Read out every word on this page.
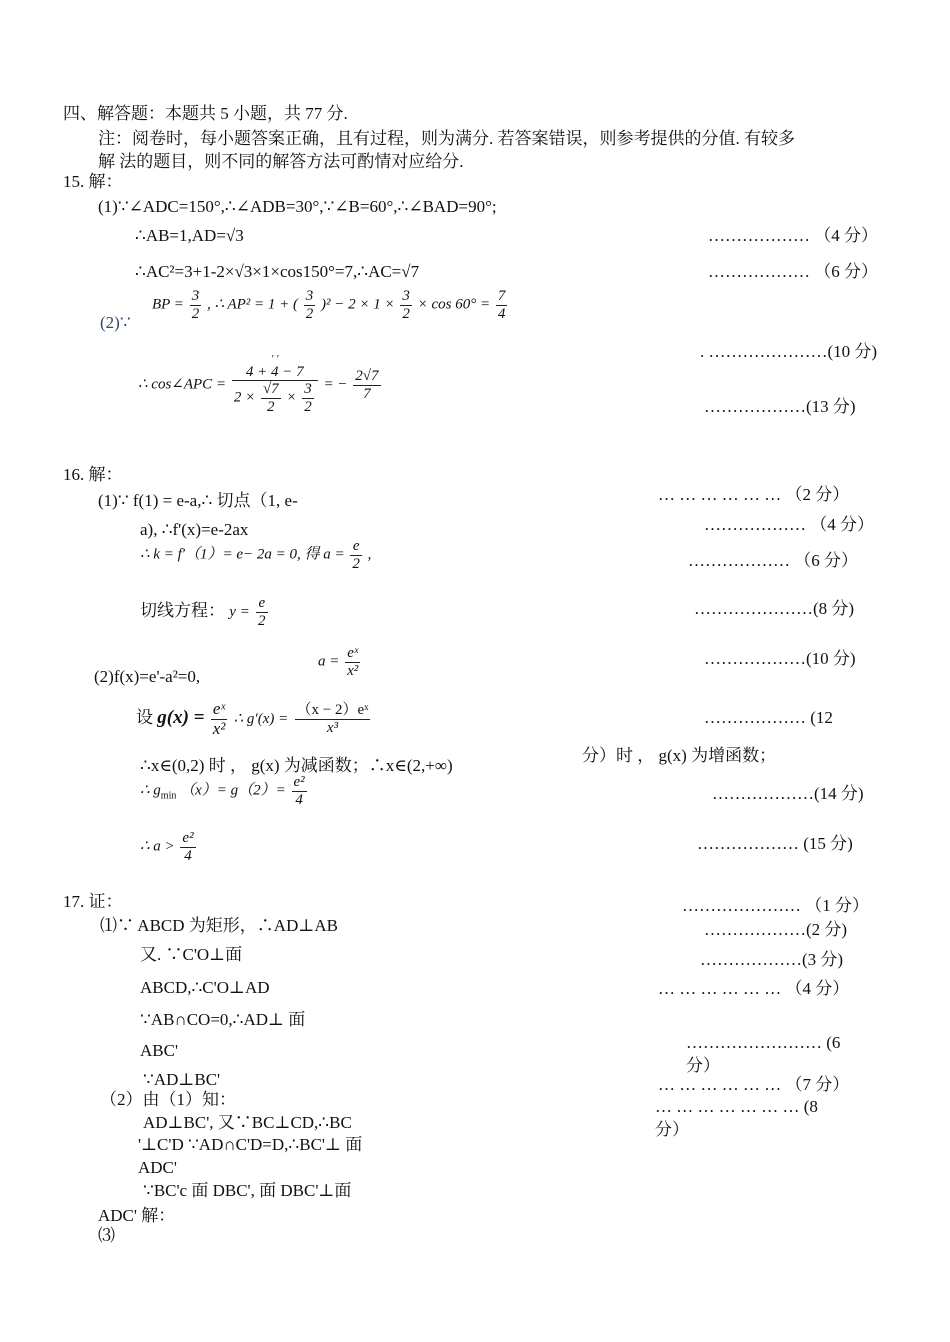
四、解答题：本题共 5 小题，共 77 分.
注：阅卷时，每小题答案正确，且有过程，则为满分. 若答案错误，则参考提供的分值. 有较多
解 法的题目，则不同的解答方法可酌情对应给分.
15. 解：
(1)∵∠ADC=150°,∴∠ADB=30°,∵∠B=60°,∴∠BAD=90°;
∴AB=1,AD=√3	……………… （4 分）
∴AC²=3+1-2×√3×1×cos150°=7,∴AC=√7	……………… （6 分）
(2)∵
BP = $\frac{3}{2}$ , ∴ AP² = 1 + ( $\frac{3}{2} )^2 - 2 \times 1 \times \frac{3}{2} \times \cos 60^\circ = \frac{7}{4}$
. …………………(10 分)
∴ cos∠APC = ′ ′
4 + 4 − 7
$2 \times \frac{√7}{2} \times \frac{3}{2}$ = − $\frac{2√7}{7}$
………………(13 分)
16. 解：
(1)∵ f(1) = e-a,∴ 切点（1, e-	… … … … … … （2 分）
a), ∴f'(x)=e-2ax	……………… （4 分）
∴ k = f′（1）= e− 2a = 0, 得 $a = \frac{e}{2}$ ,	……………… （6 分）
切线方程： $y = \frac{e}{2}$	…………………(8 分)
$a = \frac{\text{eˣ}}{\text{x²}}$
(2)f(x)=e'-a²=0,
………………(10 分)
设 $g(x) = \frac{\text{eˣ}}{\text{x²}}$ ∴ $g'(x) = \frac{\text{（x − 2）eˣ}}{\text{x³}}$	……………… (12
∴x∈(0,2) 时 ， g(x) 为减函数；∴x∈(2,+∞)
分）时 ， g(x) 为增函数；
∴ $g_{min}$ $(x)= g(2)= \frac{\text{e²}}{4}$	………………(14 分)
∴ $a > \frac{\text{e²}}{4}$	……………… (15 分)
17. 证：	………………… （1 分）
⑴∵ ABCD 为矩形，∴AD⊥AB	………………(2 分)
又. ∵C'O⊥面	………………(3 分)
ABCD,∴C'O⊥AD	… … … … … … （4 分）
∵AB∩CO=0,∴AD⊥ 面
ABC'	…………………… (6
分）
∵AD⊥BC'	… … … … … … （7 分）
（2）由（1）知：	… … … … … … … (8
分）
AD⊥BC', 又∵BC⊥CD,∴BC
'⊥C'D ∵AD∩C'D=D,∴BC'⊥ 面
ADC'
∵BC'c 面 DBC', 面 DBC'⊥面
ADC' 解：
⑶
